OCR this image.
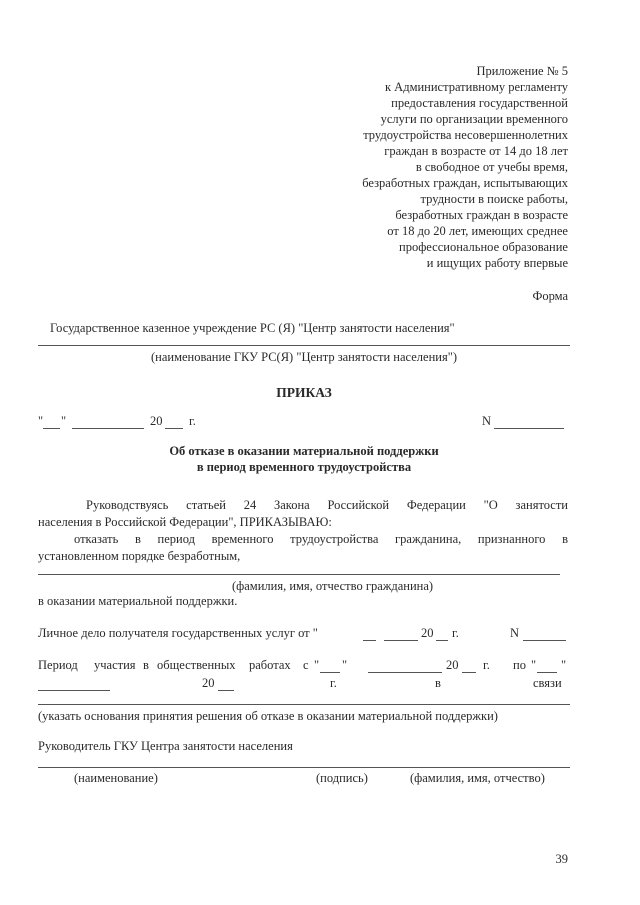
Приложение № 5
к Административному регламенту
предоставления государственной
услуги по организации временного
трудоустройства несовершеннолетних
граждан в возрасте от 14 до 18 лет
в свободное от учебы время,
безработных граждан, испытывающих
трудности в поиске работы,
безработных граждан в возрасте
от 18 до 20 лет, имеющих среднее
профессиональное образование
и ищущих работу впервые
Форма
Государственное казенное учреждение РС (Я) "Центр занятости населения"
(наименование ГКУ РС(Я) "Центр занятости населения")
ПРИКАЗ
" "	20 г.	N
Об отказе в оказании материальной поддержки
в период временного трудоустройства
Руководствуясь статьей 24 Закона Российской Федерации "О занятости
населения в Российской Федерации", ПРИКАЗЫВАЮ:
отказать в период временного трудоустройства гражданина, признанного в
установленном порядке безработным,
(фамилия, имя, отчество гражданина)
в оказании материальной поддержки.
Личное дело получателя государственных услуг от "	20 г.	N
Период участия в общественных работах с " "	20 г. по " "
20	г.	в	связи
(указать основания принятия решения об отказе в оказании материальной поддержки)
Руководитель ГКУ Центра занятости населения
(наименование)	(подпись)	(фамилия, имя, отчество)
39
